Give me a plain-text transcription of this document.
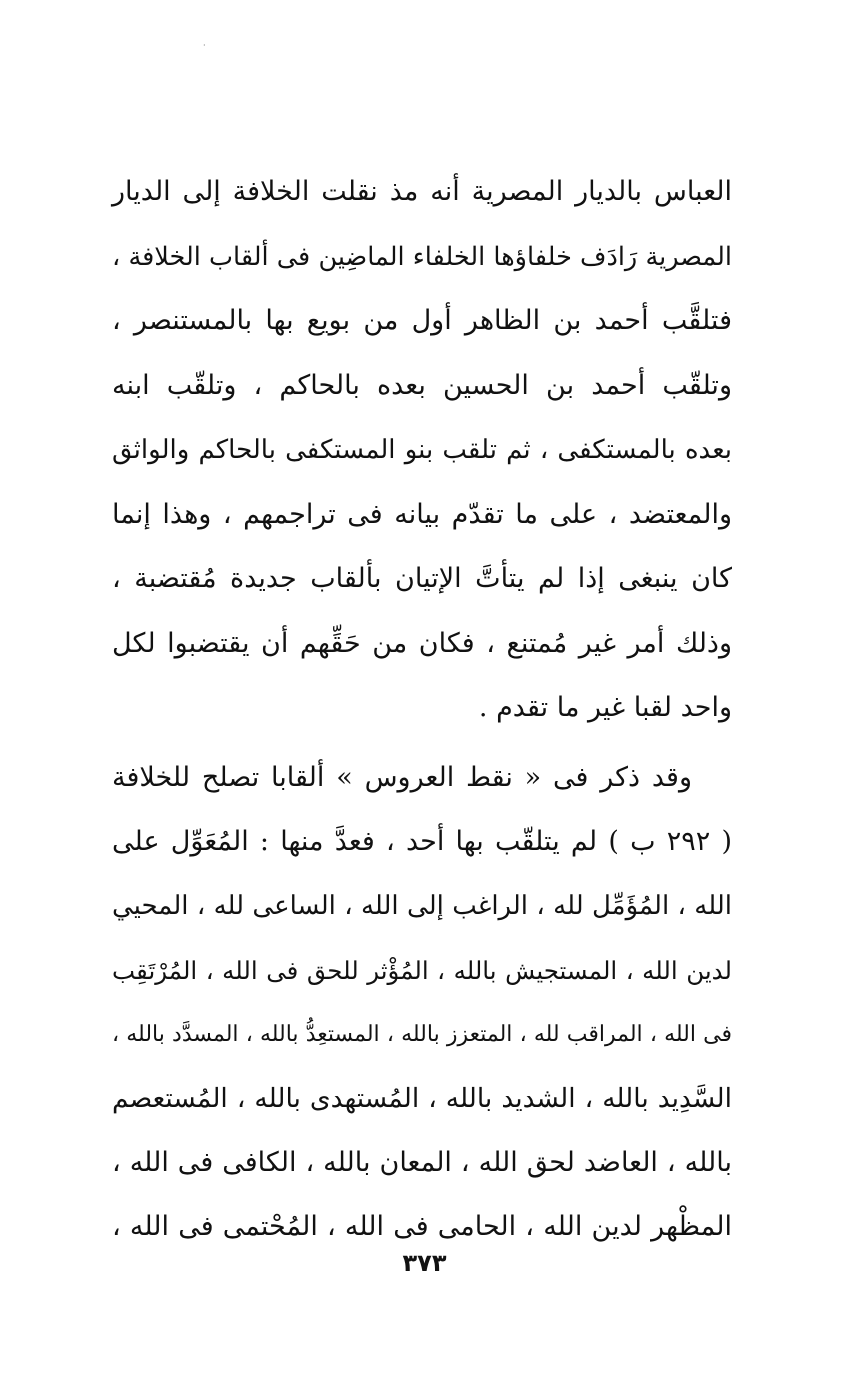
·
العباس بالديار المصرية أنه مذ نقلت الخلافة إلى الديار
المصرية رَادَف خلفاؤها الخلفاء الماضِين فى ألقاب الخلافة ،
فتلقَّب أحمد بن الظاهر أول من بويع بها بالمستنصر ،
وتلقّب أحمد بن الحسين بعده بالحاكم ، وتلقّب ابنه
بعده بالمستكفى ، ثم تلقب بنو المستكفى بالحاكم والواثق
والمعتضد ، على ما تقدّم بيانه فى تراجمهم ، وهذا إنما
كان ينبغى إذا لم يتأتَّ الإتيان بألقاب جديدة مُقتضبة ،
وذلك أمر غير مُمتنع ، فكان من حَقِّهم أن يقتضبوا لكل
واحد لقبا غير ما تقدم .
وقد ذكر فى « نقط العروس » ألقابا تصلح للخلافة
( ٢٩٢ ب ) لم يتلقّب بها أحد ، فعدَّ منها : المُعَوِّل على
الله ، المُؤَمِّل لله ، الراغب إلى الله ، الساعى لله ، المحيي
لدين الله ، المستجيش بالله ، المُؤْثر للحق فى الله ، المُرْتَقِب
فى الله ، المراقب لله ، المتعزز بالله ، المستعِدُّ بالله ، المسدَّد بالله ،
السَّدِيد بالله ، الشديد بالله ، المُستهدى بالله ، المُستعصم
بالله ، العاضد لحق الله ، المعان بالله ، الكافى فى الله ،
المظْهر لدين الله ، الحامى فى الله ، المُحْتمى فى الله ،
٣٧٣
